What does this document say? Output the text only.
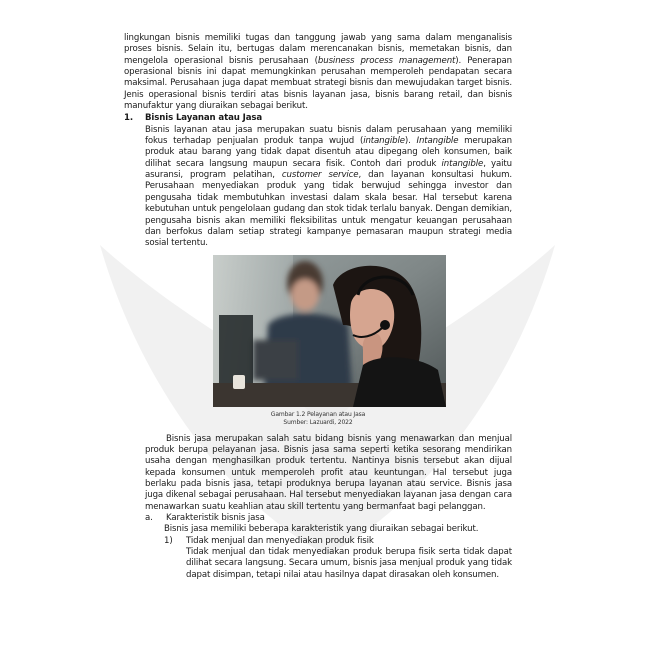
lingkungan bisnis memiliki tugas dan tanggung jawab yang sama dalam menganalisis proses bisnis. Selain itu, bertugas dalam merencanakan bisnis, memetakan bisnis, dan mengelola operasional bisnis perusahaan (business process management). Penerapan operasional bisnis ini dapat memungkinkan perusahan memperoleh pendapatan secara maksimal. Perusahaan juga dapat membuat strategi bisnis dan mewujudakan target bisnis. Jenis operasional bisnis terdiri atas bisnis layanan jasa, bisnis barang retail, dan bisnis manufaktur yang diuraikan sebagai berikut.

1.	Bisnis Layanan atau Jasa

Bisnis layanan atau jasa merupakan suatu bisnis dalam perusahaan yang memiliki fokus terhadap penjualan produk tanpa wujud (intangible). Intangible merupakan produk atau barang yang tidak dapat disentuh atau dipegang oleh konsumen, baik dilihat secara langsung maupun secara fisik. Contoh dari produk intangible, yaitu asuransi, program pelatihan, customer service, dan layanan konsultasi hukum. Perusahaan menyediakan produk yang tidak berwujud sehingga investor dan pengusaha tidak membutuhkan investasi dalam skala besar. Hal tersebut karena kebutuhan untuk pengelolaan gudang dan stok tidak terlalu banyak. Dengan demikian, pengusaha bisnis akan memiliki fleksibilitas untuk mengatur keuangan perusahaan dan berfokus dalam setiap strategi kampanye pemasaran maupun strategi media sosial tertentu.

Gambar 1.2 Pelayanan atau Jasa
Sumber: Lazuardi, 2022

Bisnis jasa merupakan salah satu bidang bisnis yang menawarkan dan menjual produk berupa pelayanan jasa. Bisnis jasa sama seperti ketika sesorang mendirikan usaha dengan menghasilkan produk tertentu. Nantinya bisnis tersebut akan dijual kepada konsumen untuk memperoleh profit atau keuntungan. Hal tersebut juga berlaku pada bisnis jasa, tetapi produknya berupa layanan atau service. Bisnis jasa juga dikenal sebagai perusahaan. Hal tersebut menyediakan layanan jasa dengan cara menawarkan suatu keahlian atau skill tertentu yang bermanfaat bagi pelanggan.

a.	Karakteristik bisnis jasa

Bisnis jasa memiliki beberapa karakteristik yang diuraikan sebagai berikut.

1)	Tidak menjual dan menyediakan produk fisik

Tidak menjual dan tidak menyediakan produk berupa fisik serta tidak dapat dilihat secara langsung. Secara umum, bisnis jasa menjual produk yang tidak dapat disimpan, tetapi nilai atau hasilnya dapat dirasakan oleh konsumen.
